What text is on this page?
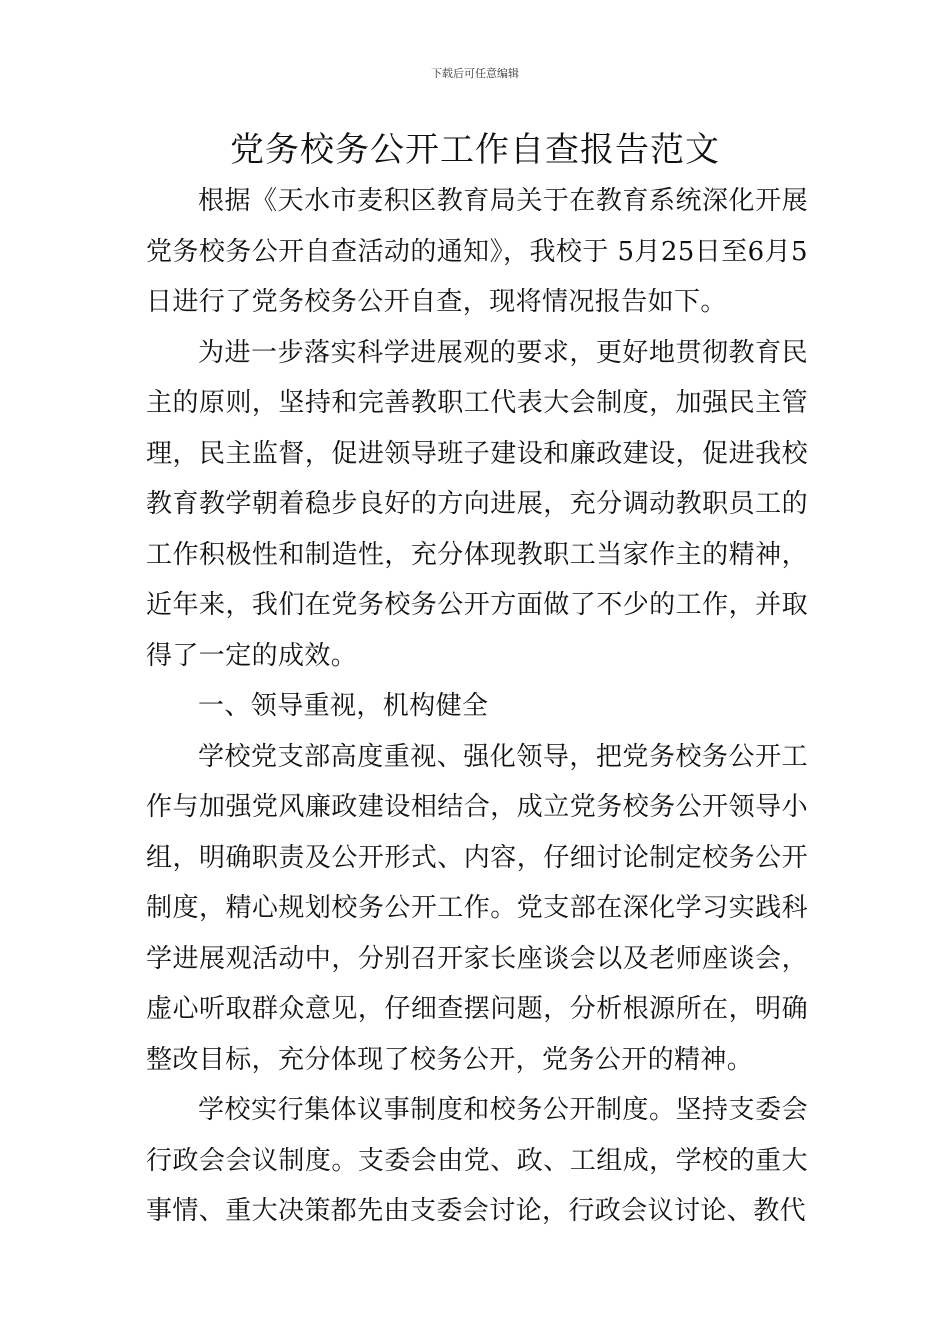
下载后可任意编辑
党务校务公开工作自查报告范文

根据《天水市麦积区教育局关于在教育系统深化开展党务校务公开自查活动的通知》，我校于 5月25日至6月5日进行了党务校务公开自查，现将情况报告如下。

为进一步落实科学进展观的要求，更好地贯彻教育民主的原则，坚持和完善教职工代表大会制度，加强民主管理，民主监督，促进领导班子建设和廉政建设，促进我校教育教学朝着稳步良好的方向进展，充分调动教职员工的工作积极性和制造性，充分体现教职工当家作主的精神，近年来，我们在党务校务公开方面做了不少的工作，并取得了一定的成效。

一、领导重视，机构健全

学校党支部高度重视、强化领导，把党务校务公开工作与加强党风廉政建设相结合，成立党务校务公开领导小组，明确职责及公开形式、内容，仔细讨论制定校务公开制度，精心规划校务公开工作。党支部在深化学习实践科学进展观活动中，分别召开家长座谈会以及老师座谈会，虚心听取群众意见，仔细查摆问题，分析根源所在，明确整改目标，充分体现了校务公开，党务公开的精神。

学校实行集体议事制度和校务公开制度。坚持支委会行政会会议制度。支委会由党、政、工组成，学校的重大事情、重大决策都先由支委会讨论，行政会议讨论、教代
